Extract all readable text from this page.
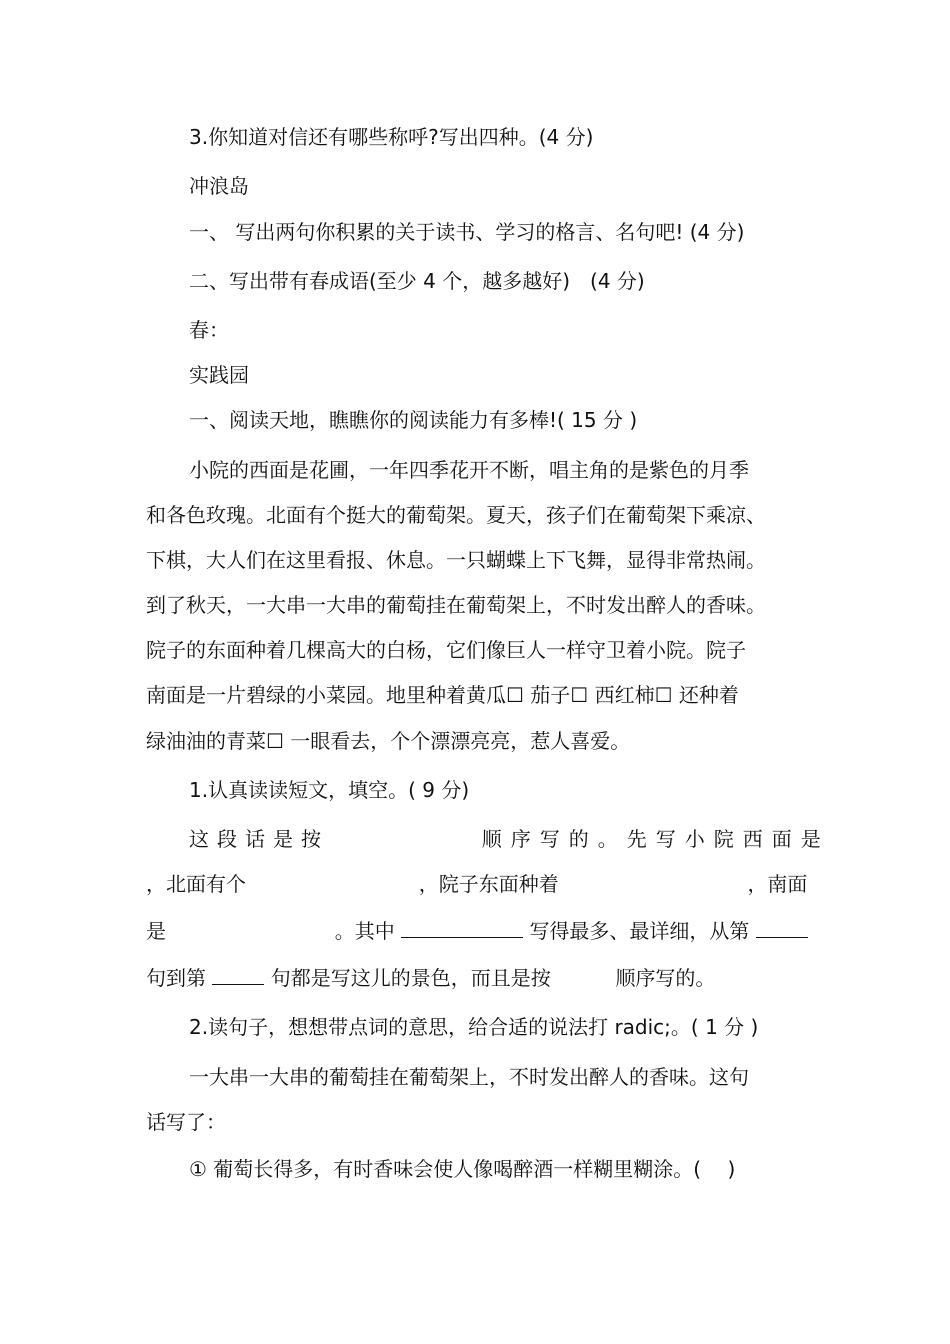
3.你知道对信还有哪些称呼?写出四种。(4 分)
冲浪岛
一、 写出两句你积累的关于读书、学习的格言、名句吧! (4 分)
二、写出带有春成语(至少 4 个，越多越好)　(4 分)
春：
实践园
一、阅读天地，瞧瞧你的阅读能力有多棒!( 15 分 )
小院的西面是花圃，一年四季花开不断，唱主角的是紫色的月季
和各色玫瑰。北面有个挺大的葡萄架。夏天，孩子们在葡萄架下乘凉、
下棋，大人们在这里看报、休息。一只蝴蝶上下飞舞，显得非常热闹。
到了秋天，一大串一大串的葡萄挂在葡萄架上，不时发出醉人的香味。
院子的东面种着几棵高大的白杨，它们像巨人一样守卫着小院。院子
南面是一片碧绿的小菜园。地里种着黄瓜☐ 茄子☐ 西红柿☐ 还种着
绿油油的青菜☐ 一眼看去，个个漂漂亮亮，惹人喜爱。
1.认真读读短文，填空。( 9 分)
这段话是按	顺序写的。先写小院西面是
，北面有个	，院子东面种着	，南面
是	。其中	写得最多、最详细，从第
句到第	句都是写这儿的景色，而且是按	顺序写的。
2.读句子，想想带点词的意思，给合适的说法打 radic;。( 1 分 )
一大串一大串的葡萄挂在葡萄架上，不时发出醉人的香味。这句
话写了：
① 葡萄长得多，有时香味会使人像喝醉酒一样糊里糊涂。(　 )
